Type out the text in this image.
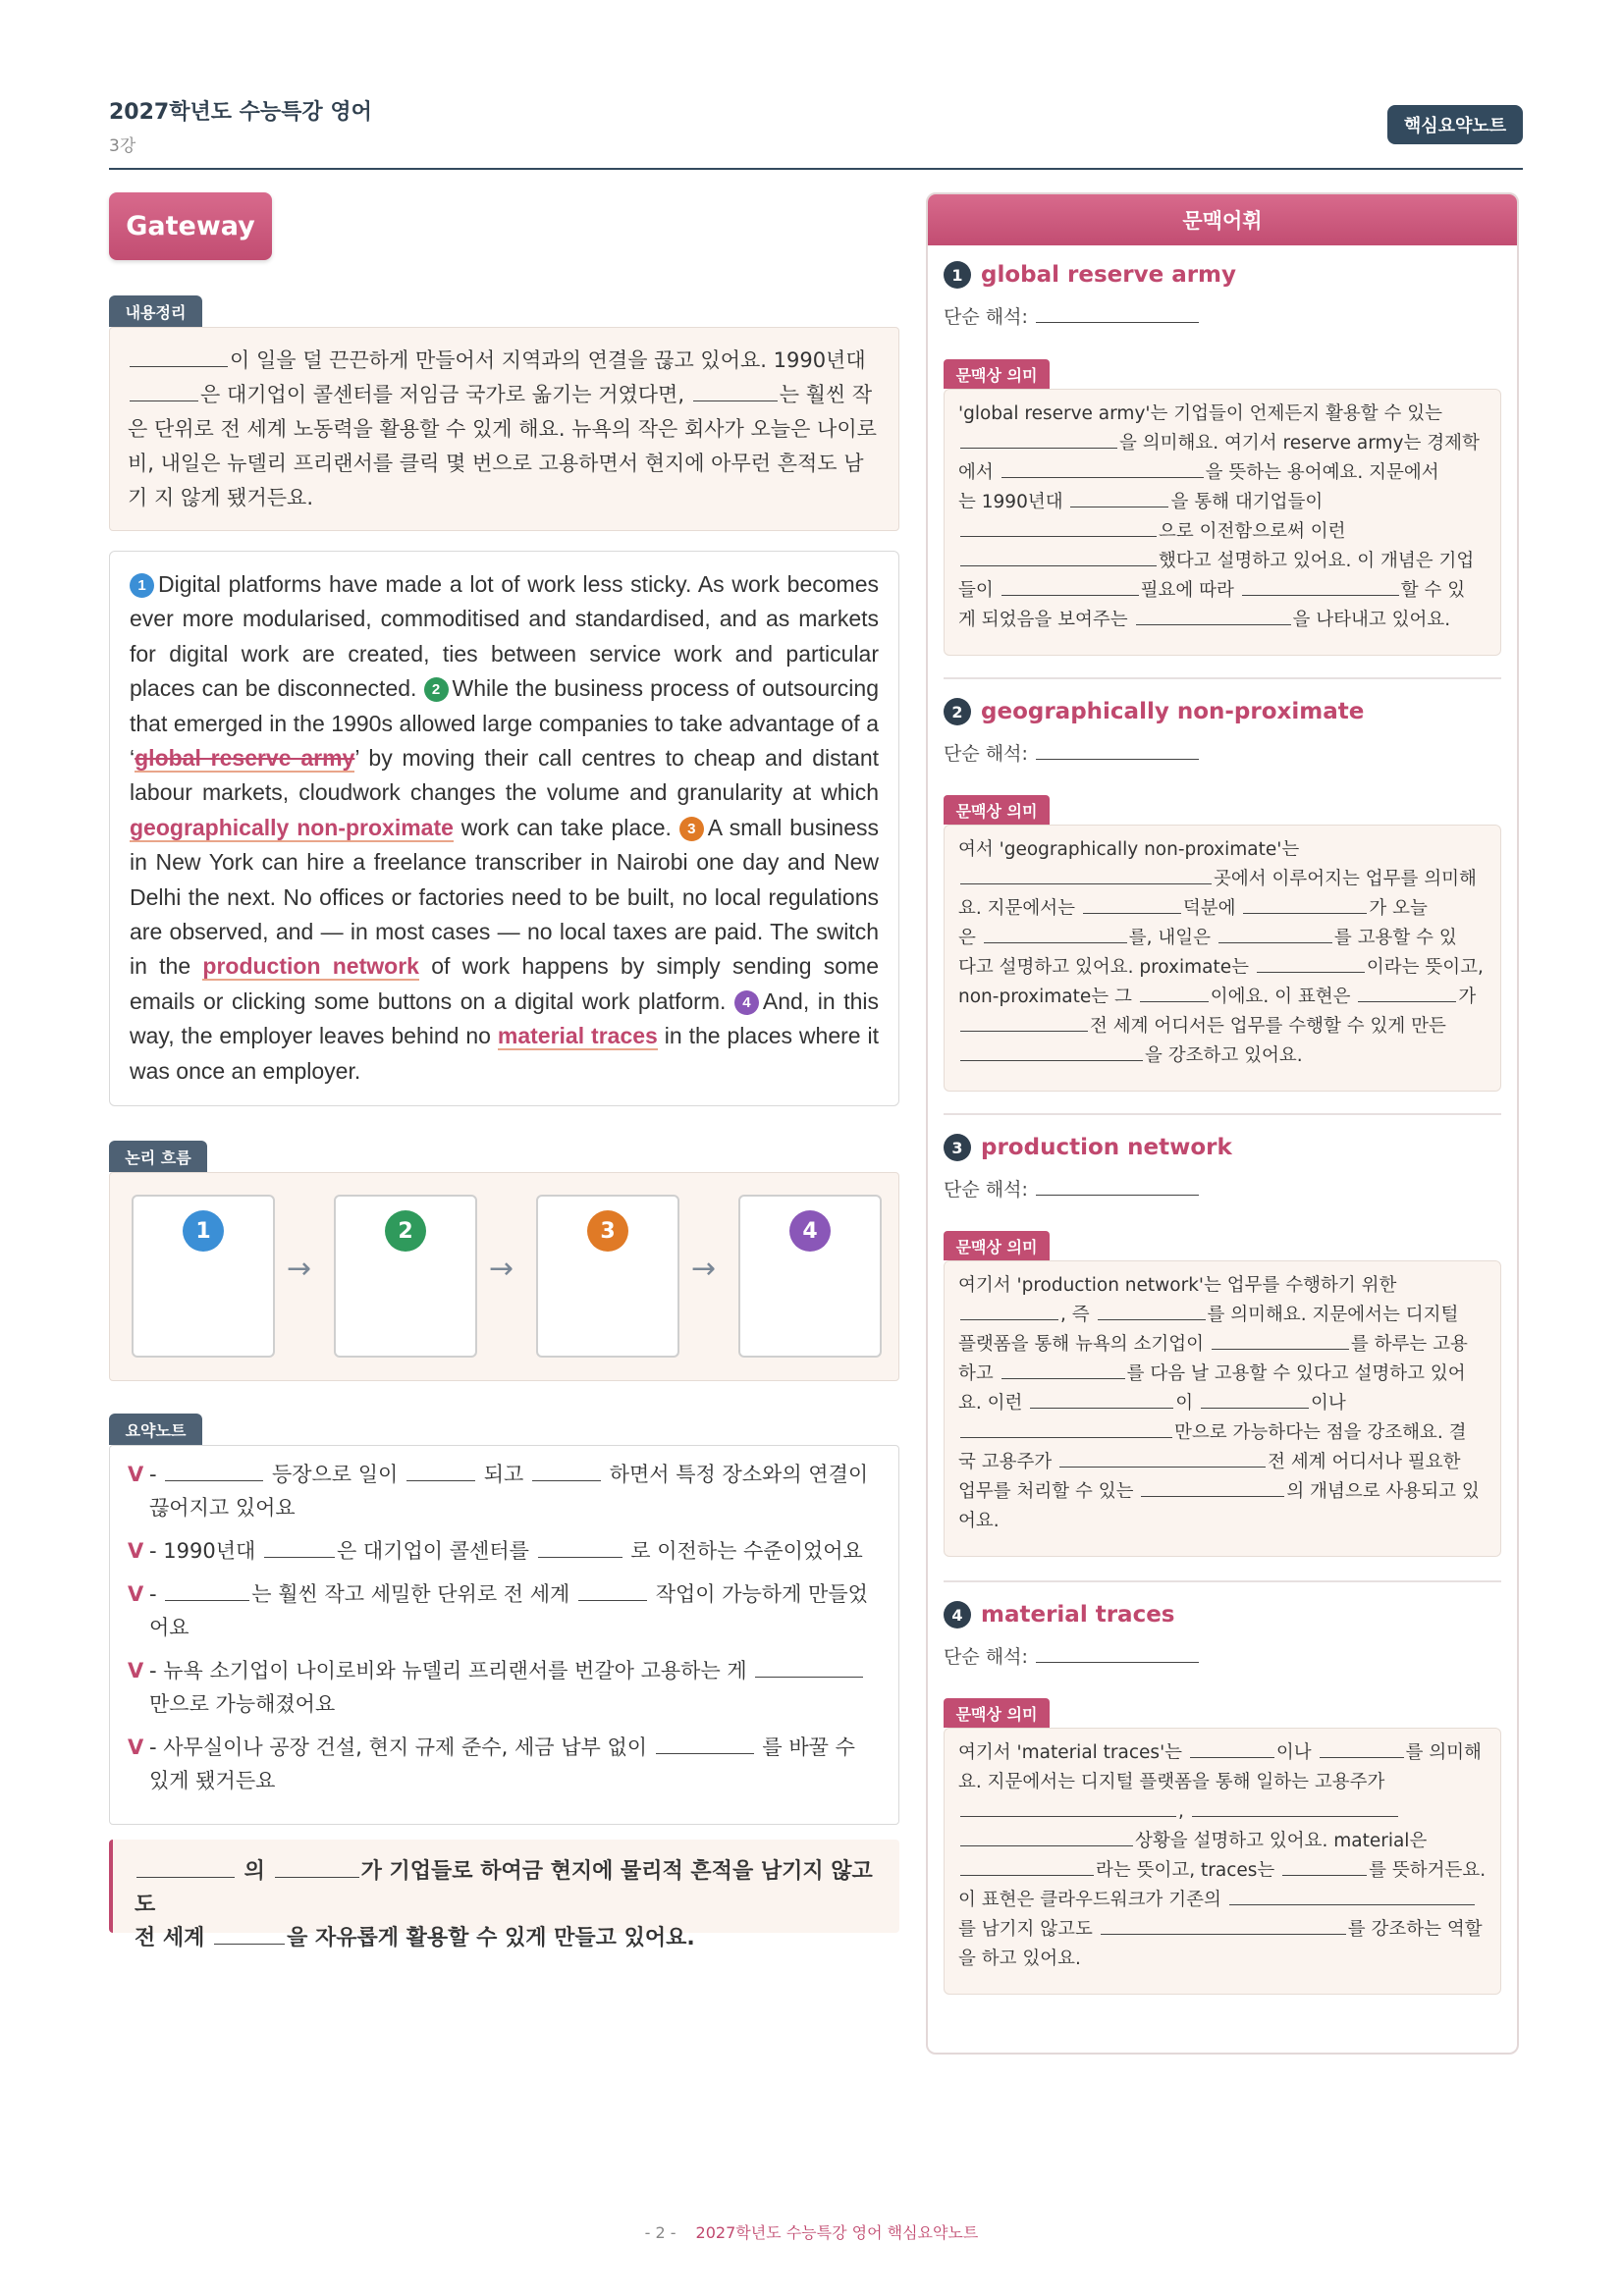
2027학년도 수능특강 영어
3강
핵심요약노트
Gateway
내용정리
이 일을 덜 끈끈하게 만들어서 지역과의 연결을 끊고 있어요. 1990년대
은 대기업이 콜센터를 저임금 국가로 옮기는 거였다면,	는 훨씬 작 은 단위로 전 세계 노동력을 활용할 수 있게 해요. 뉴욕의 작은 회사가 오늘은 나이로 비, 내일은 뉴델리 프리랜서를 클릭 몇 번으로 고용하면서 현지에 아무런 흔적도 남기 지 않게 됐거든요.
1 Digital platforms have made a lot of work less sticky. As work becomes ever more modularised, commoditised and standardised, and as markets for digital work are created, ties between service work and particular places can be disconnected. 2 While the business process of outsourcing that emerged in the 1990s allowed large companies to take advantage of a ‘global reserve army’ by moving their call centres to cheap and distant labour markets, cloudwork changes the volume and granularity at which geographically non-proximate work can take place. 3 A small business in New York can hire a freelance transcriber in Nairobi one day and New Delhi the next. No offices or factories need to be built, no local regulations are observed, and — in most cases — no local taxes are paid. The switch in the production network of work happens by simply sending some emails or clicking some buttons on a digital work platform. 4 And, in this way, the employer leaves behind no material traces in the places where it was once an employer.
논리 흐름
1
→
2
→
3
→
4
요약노트
V -	등장으로 일이	되고	하면서 특정 장소와의 연결이 끊어지고 있어요
V - 1990년대	은 대기업이 콜센터를	로 이전하는 수준이었어요
V -	는 훨씬 작고 세밀한 단위로 전 세계	작업이 가능하게 만들었어요
V - 뉴욕 소기업이 나이로비와 뉴델리 프리랜서를 번갈아 고용하는 게  만으로 가능해졌어요
V - 사무실이나 공장 건설, 현지 규제 준수, 세금 납부 없이	를 바꿀 수 있게 됐거든요
의	가 기업들로 하여금 현지에 물리적 흔적을 남기지 않고도
전 세계	을 자유롭게 활용할 수 있게 만들고 있어요.
문맥어휘
1 global reserve army
단순 해석:
문맥상 의미
'global reserve army'는 기업들이 언제든지 활용할 수 있는
을 의미해요. 여기서 reserve army는 경제학
에서	을 뜻하는 용어예요. 지문에서
는 1990년대	을 통해 대기업들이
으로 이전함으로써 이런
했다고 설명하고 있어요. 이 개념은 기업
들이	필요에 따라	할 수 있
게 되었음을 보여주는	을 나타내고 있어요.
2 geographically non-proximate
단순 해석:
문맥상 의미
여서 'geographically non-proximate'는
곳에서 이루어지는 업무를 의미해
요. 지문에서는	덕분에	가 오늘
은	를, 내일은	를 고용할 수 있
다고 설명하고 있어요. proximate는	이라는 뜻이고,
non-proximate는 그	이에요. 이 표현은	가
전 세계 어디서든 업무를 수행할 수 있게 만든
을 강조하고 있어요.
3 production network
단순 해석:
문맥상 의미
여기서 'production network'는 업무를 수행하기 위한
, 즉	를 의미해요. 지문에서는 디지털
플랫폼을 통해 뉴욕의 소기업이	를 하루는 고용
하고	를 다음 날 고용할 수 있다고 설명하고 있어
요. 이런	이	이나
만으로 가능하다는 점을 강조해요. 결
국 고용주가	전 세계 어디서나 필요한
업무를 처리할 수 있는	의 개념으로 사용되고 있
어요.
4 material traces
단순 해석:
문맥상 의미
여기서 'material traces'는	이나	를 의미해
요. 지문에서는 디지털 플랫폼을 통해 일하는 고용주가
,
상황을 설명하고 있어요. material은
라는 뜻이고, traces는	를 뜻하거든요.
이 표현은 클라우드워크가 기존의
를 남기지 않고도	를 강조하는 역할
을 하고 있어요.
- 2 - 2027학년도 수능특강 영어 핵심요약노트
